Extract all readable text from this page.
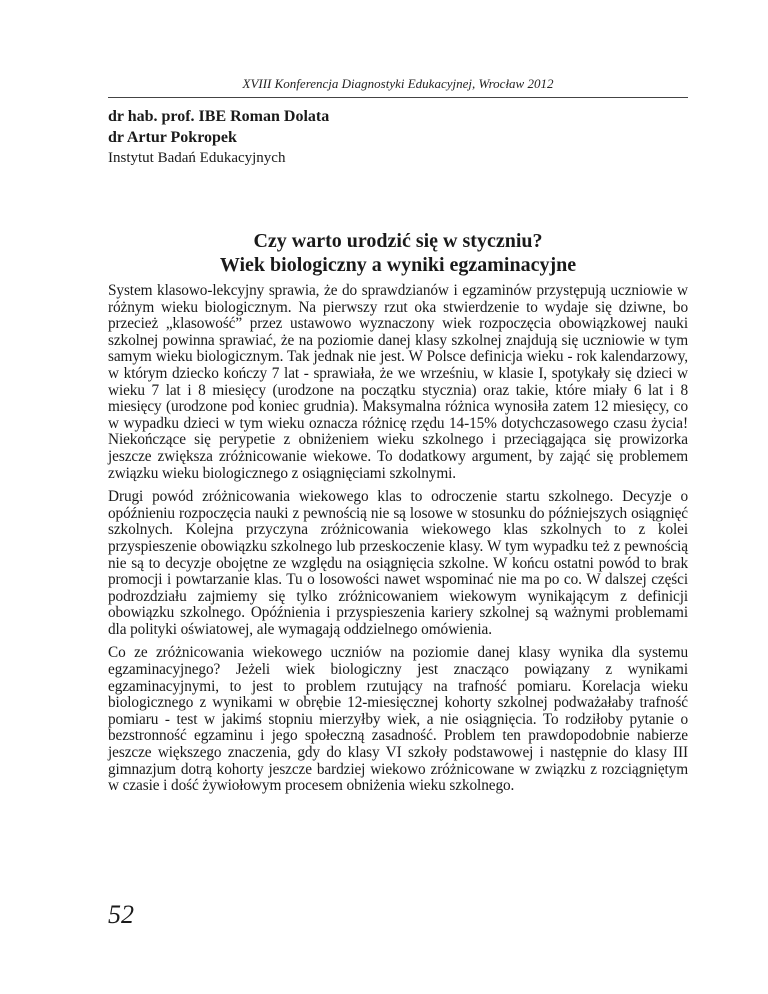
XVIII Konferencja Diagnostyki Edukacyjnej, Wrocław 2012

dr hab. prof. IBE Roman Dolata

dr Artur Pokropek

Instytut Badań Edukacyjnych

Czy warto urodzić się w styczniu?

Wiek biologiczny a wyniki egzaminacyjne

System klasowo-lekcyjny sprawia, że do sprawdzianów i egzaminów przystępują uczniowie w różnym wieku biologicznym. Na pierwszy rzut oka stwierdzenie to wydaje się dziwne, bo przecież „klasowość” przez ustawowo wyznaczony wiek rozpoczęcia obowiązkowej nauki szkolnej powinna sprawiać, że na poziomie danej klasy szkolnej znajdują się uczniowie w tym samym wieku biologicznym. Tak jednak nie jest. W Polsce definicja wieku - rok kalendarzowy, w którym dziecko kończy 7 lat - sprawiała, że we wrześniu, w klasie I, spotykały się dzieci w wieku 7 lat i 8 miesięcy (urodzone na początku stycznia) oraz takie, które miały 6 lat i 8 miesięcy (urodzone pod koniec grudnia). Maksymalna różnica wynosiła zatem 12 miesięcy, co w wypadku dzieci w tym wieku oznacza różnicę rzędu 14-15% dotychczasowego czasu życia! Niekończące się perypetie z obniżeniem wieku szkolnego i przeciągająca się prowizorka jeszcze zwiększa zróżnicowanie wiekowe. To dodatkowy argument, by zająć się problemem związku wieku biologicznego z osiągnięciami szkolnymi.

Drugi powód zróżnicowania wiekowego klas to odroczenie startu szkolnego. Decyzje o opóźnieniu rozpoczęcia nauki z pewnością nie są losowe w stosunku do późniejszych osiągnięć szkolnych. Kolejna przyczyna zróżnicowania wiekowego klas szkolnych to z kolei przyspieszenie obowiązku szkolnego lub przeskoczenie klasy. W tym wypadku też z pewnością nie są to decyzje obojętne ze względu na osiągnięcia szkolne. W końcu ostatni powód to brak promocji i powtarzanie klas. Tu o losowości nawet wspominać nie ma po co. W dalszej części podrozdziału zajmiemy się tylko zróżnicowaniem wiekowym wynikającym z definicji obowiązku szkolnego. Opóźnienia i przyspieszenia kariery szkolnej są ważnymi problemami dla polityki oświatowej, ale wymagają oddzielnego omówienia.

Co ze zróżnicowania wiekowego uczniów na poziomie danej klasy wynika dla systemu egzaminacyjnego? Jeżeli wiek biologiczny jest znacząco powiązany z wynikami egzaminacyjnymi, to jest to problem rzutujący na trafność pomiaru. Korelacja wieku biologicznego z wynikami w obrębie 12-miesięcznej kohorty szkolnej podważałaby trafność pomiaru - test w jakimś stopniu mierzyłby wiek, a nie osiągnięcia. To rodziłoby pytanie o bezstronność egzaminu i jego społeczną zasadność. Problem ten prawdopodobnie nabierze jeszcze większego znaczenia, gdy do klasy VI szkoły podstawowej i następnie do klasy III gimnazjum dotrą kohorty jeszcze bardziej wiekowo zróżnicowane w związku z rozciągniętym w czasie i dość żywiołowym procesem obniżenia wieku szkolnego.

52
